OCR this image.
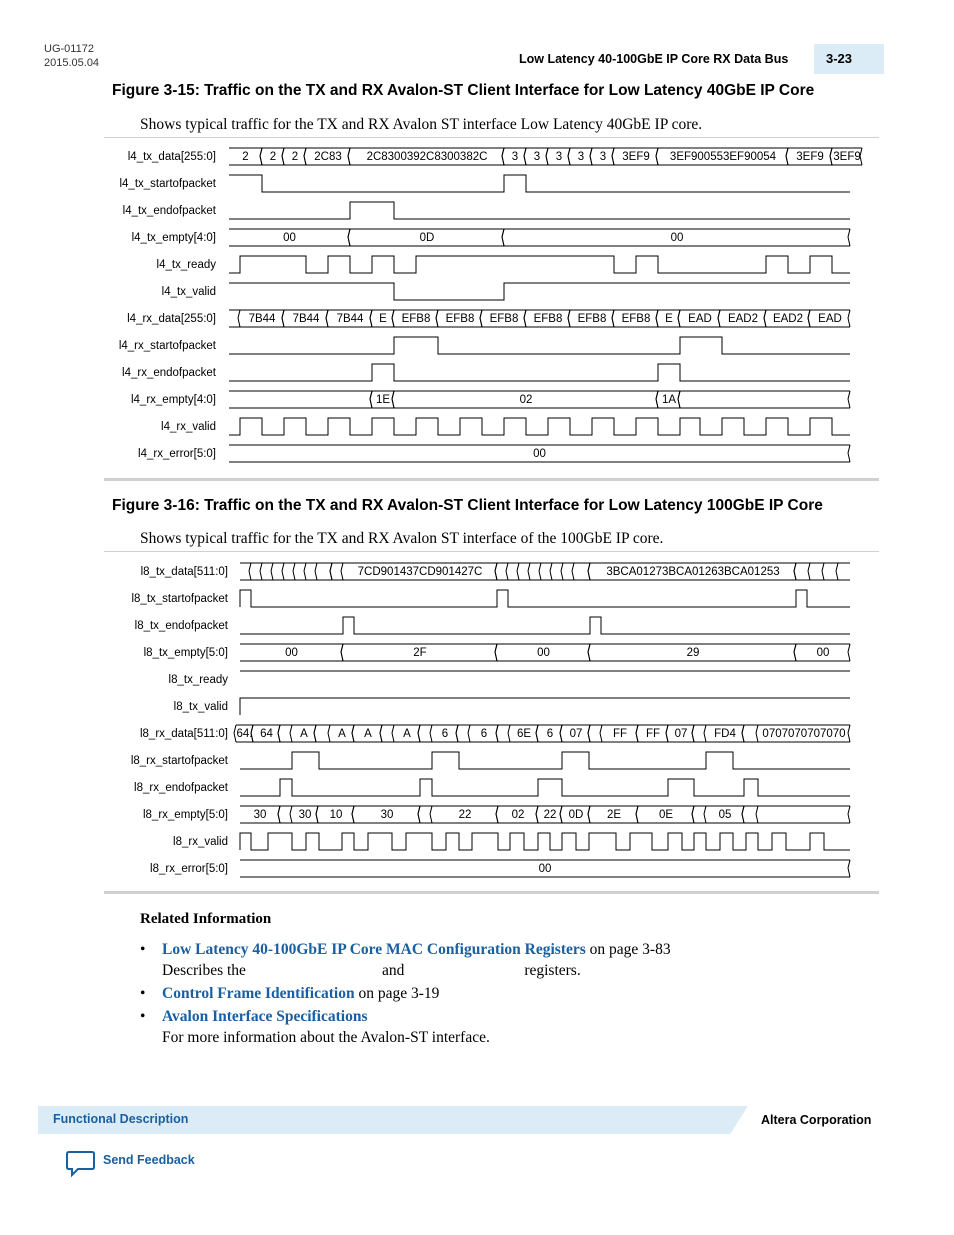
UG-01172
2015.05.04	Low Latency 40-100GbE IP Core RX Data Bus	3-23
Figure 3-15: Traffic on the TX and RX Avalon-ST Client Interface for Low Latency 40GbE IP Core
Shows typical traffic for the TX and RX Avalon ST interface Low Latency 40GbE IP core.
l4_tx_data[255:0] 2 2 2 2C83 2C8300392C8300382C 3 3 3 3 3 3EF9 3EF900553EF90054 3EF9 3EF9
l4_tx_startofpacket
l4_tx_endofpacket
l4_tx_empty[4:0]	00	0D	00
l4_tx_ready
l4_tx_valid
l4_rx_data[255:0]	7B44 7B44 7B44 E EFB8 EFB8 EFB8 EFB8 EFB8 EFB8 E EAD EAD2 EAD2 EAD
l4_rx_startofpacket
l4_rx_endofpacket
l4_rx_empty[4:0]	1E	02	1A
l4_rx_valid
l4_rx_error[5:0]	00
Figure 3-16: Traffic on the TX and RX Avalon-ST Client Interface for Low Latency 100GbE IP Core
Shows typical traffic for the TX and RX Avalon ST interface of the 100GbE IP core.
l8_tx_data[511:0]	7CD901437CD901427C	3BCA01273BCA01263BCA01253
l8_tx_startofpacket
l8_tx_endofpacket
l8_tx_empty[5:0]	00	2F	00	29	00
l8_tx_ready
l8_tx_valid
l8_rx_data[511:0] 64. 64 A	A A	A	6	6	6E 6 07	FF FF 07 FD4 0707070707070
l8_rx_startofpacket
l8_rx_endofpacket
l8_rx_empty[5:0] 30	30 10	30	22	02 22 0D 2E	0E	05
l8_rx_valid
l8_rx_error[5:0]	00
Related Information
• Low Latency 40-100GbE IP Core MAC Configuration Registers on page 3-83
Describes the	and	registers.
• Control Frame Identification on page 3-19
• Avalon Interface Specifications
For more information about the Avalon-ST interface.
Functional Description	Altera Corporation
Send Feedback
